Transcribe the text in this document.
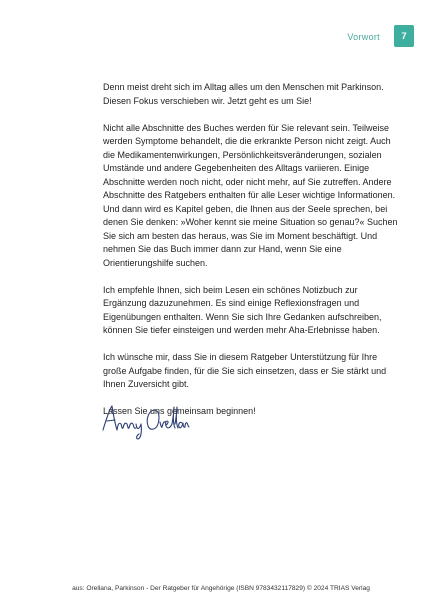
Vorwort	7

Denn meist dreht sich im Alltag alles um den Menschen mit Parkinson. Diesen Fokus verschieben wir. Jetzt geht es um Sie!

Nicht alle Abschnitte des Buches werden für Sie relevant sein. Teilweise werden Symptome behandelt, die die erkrankte Person nicht zeigt. Auch die Medikamentenwirkungen, Persönlichkeitsveränderungen, sozialen Umstände und andere Gegebenheiten des Alltags variieren. Einige Abschnitte werden noch nicht, oder nicht mehr, auf Sie zutreffen. Andere Abschnitte des Ratgebers enthalten für alle Leser wichtige Informationen. Und dann wird es Kapitel geben, die Ihnen aus der Seele sprechen, bei denen Sie denken: »Woher kennt sie meine Situation so genau?« Suchen Sie sich am besten das heraus, was Sie im Moment beschäftigt. Und nehmen Sie das Buch immer dann zur Hand, wenn Sie eine Orientierungshilfe suchen.

Ich empfehle Ihnen, sich beim Lesen ein schönes Notizbuch zur Ergänzung dazuzunehmen. Es sind einige Reflexionsfragen und Eigenübungen enthalten. Wenn Sie sich Ihre Gedanken aufschreiben, können Sie tiefer einsteigen und werden mehr Aha-Erlebnisse haben.

Ich wünsche mir, dass Sie in diesem Ratgeber Unterstützung für Ihre große Aufgabe finden, für die Sie sich einsetzen, dass er Sie stärkt und Ihnen Zuversicht gibt.

Lassen Sie uns gemeinsam beginnen!

aus: Orellana, Parkinson - Der Ratgeber für Angehörige (ISBN 9783432117829) © 2024 TRIAS Verlag
